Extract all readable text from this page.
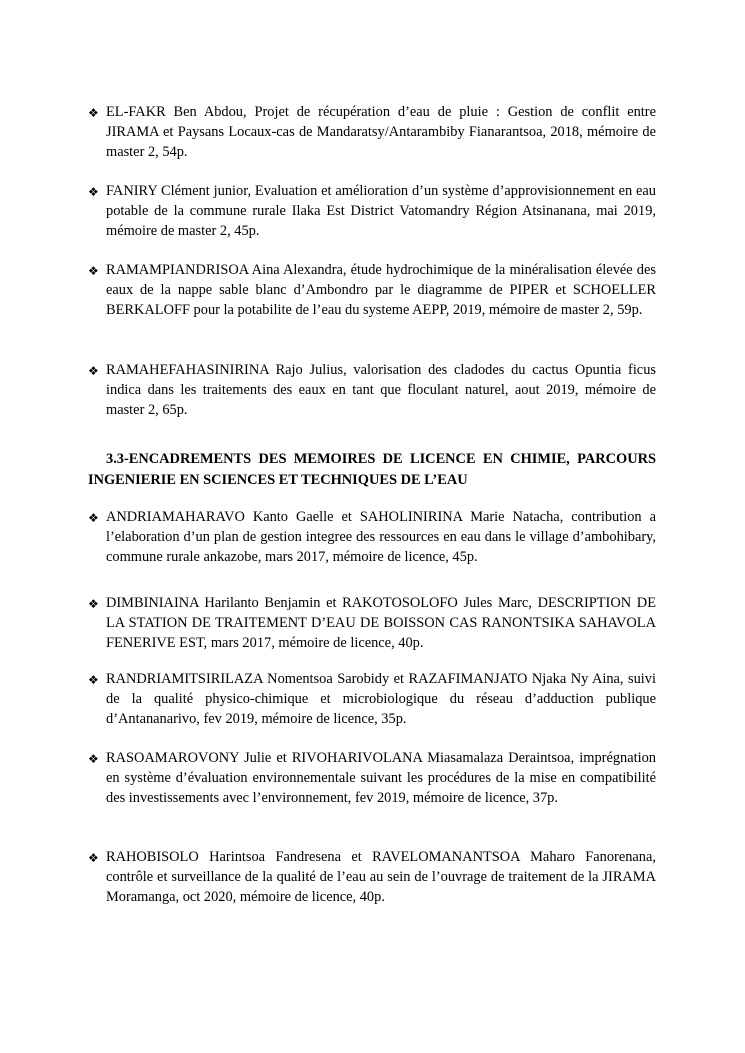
❖ EL-FAKR Ben Abdou, Projet de récupération d’eau de pluie : Gestion de conflit entre JIRAMA et Paysans Locaux-cas de Mandaratsy/Antarambiby Fianarantsoa, 2018, mémoire de master 2, 54p.
❖ FANIRY Clément junior, Evaluation et amélioration d’un système d’approvisionnement en eau potable de la commune rurale Ilaka Est District Vatomandry Région Atsinanana, mai 2019, mémoire de master 2, 45p.
❖ RAMAMPIANDRISOA Aina Alexandra, étude hydrochimique de la minéralisation élevée des eaux de la nappe sable blanc d’Ambondro par le diagramme de PIPER et SCHOELLER BERKALOFF pour la potabilite de l’eau du systeme AEPP, 2019, mémoire de master 2, 59p.
❖ RAMAHEFAHASINIRINA Rajo Julius, valorisation des cladodes du cactus Opuntia ficus indica dans les traitements des eaux en tant que floculant naturel, aout 2019, mémoire de master 2, 65p.
3.3-ENCADREMENTS DES MEMOIRES DE LICENCE EN CHIMIE, PARCOURS INGENIERIE EN SCIENCES ET TECHNIQUES DE L’EAU
❖ ANDRIAMAHARAVO Kanto Gaelle et SAHOLINIRINA Marie Natacha, contribution a l’elaboration d’un plan de gestion integree des ressources en eau dans le village d’ambohibary, commune rurale ankazobe, mars 2017, mémoire de licence, 45p.
❖ DIMBINIAINA Harilanto Benjamin et RAKOTOSOLOFO Jules Marc, DESCRIPTION DE LA STATION DE TRAITEMENT D’EAU DE BOISSON CAS RANONTSIKA SAHAVOLA FENERIVE EST, mars 2017, mémoire de licence, 40p.
❖ RANDRIAMITSIRILAZA Nomentsoa Sarobidy et RAZAFIMANJATO Njaka Ny Aina, suivi de la qualité physico-chimique et microbiologique du réseau d’adduction publique d’Antananarivo, fev 2019, mémoire de licence, 35p.
❖ RASOAMAROVONY Julie et RIVOHARIVOLANA Miasamalaza Deraintsoa, imprégnation en système d’évaluation environnementale suivant les procédures de la mise en compatibilité des investissements avec l’environnement, fev 2019, mémoire de licence, 37p.
❖ RAHOBISOLO Harintsoa Fandresena et RAVELOMANANTSOA Maharo Fanorenana, contrôle et surveillance de la qualité de l’eau au sein de l’ouvrage de traitement de la JIRAMA Moramanga, oct 2020, mémoire de licence, 40p.
